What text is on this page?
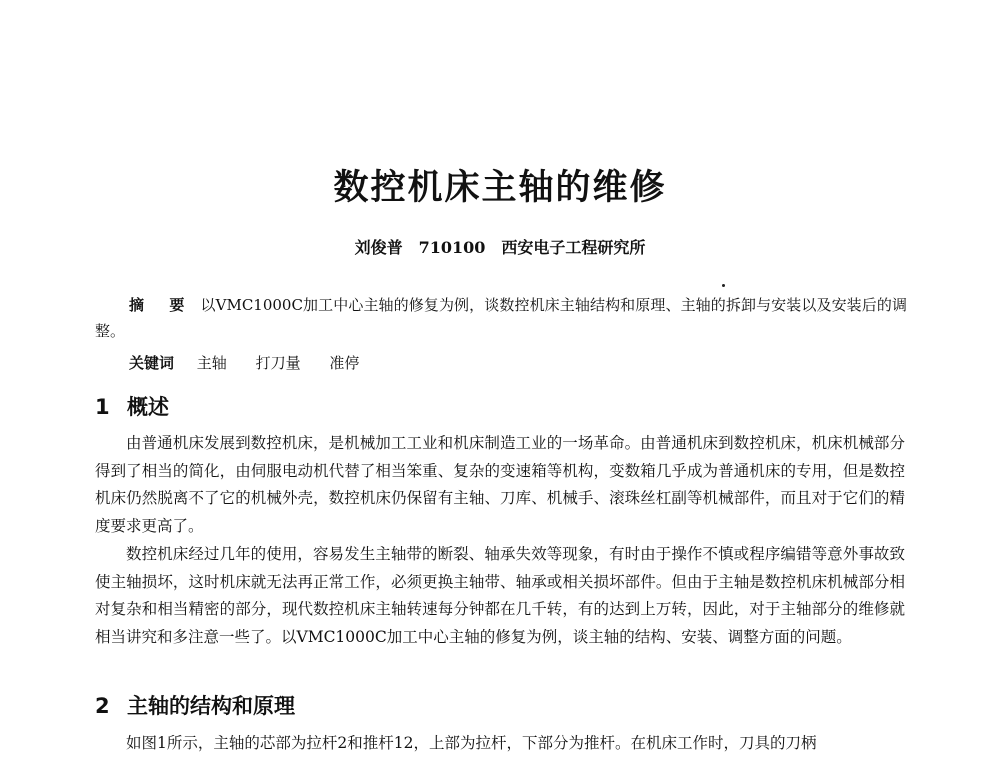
数控机床主轴的维修
刘俊普　710100　西安电子工程研究所
摘 要 以VMC1000C加工中心主轴的修复为例，谈数控机床主轴结构和原理、主轴的拆卸与安装以及安装后的调整。
关键词 主轴 打刀量 准停
1 概述

由普通机床发展到数控机床，是机械加工工业和机床制造工业的一场革命。由普通机床到数控机床，机床机械部分得到了相当的简化，由伺服电动机代替了相当笨重、复杂的变速箱等机构，变数箱几乎成为普通机床的专用，但是数控机床仍然脱离不了它的机械外壳，数控机床仍保留有主轴、刀库、机械手、滚珠丝杠副等机械部件，而且对于它们的精度要求更高了。

数控机床经过几年的使用，容易发生主轴带的断裂、轴承失效等现象，有时由于操作不慎或程序编错等意外事故致使主轴损坏，这时机床就无法再正常工作，必须更换主轴带、轴承或相关损坏部件。但由于主轴是数控机床机械部分相对复杂和相当精密的部分，现代数控机床主轴转速每分钟都在几千转，有的达到上万转，因此，对于主轴部分的维修就相当讲究和多注意一些了。以VMC1000C加工中心主轴的修复为例，谈主轴的结构、安装、调整方面的问题。

2 主轴的结构和原理

如图1所示，主轴的芯部为拉杆2和推杆12，上部为拉杆，下部分为推杆。在机床工作时，刀具的刀柄
